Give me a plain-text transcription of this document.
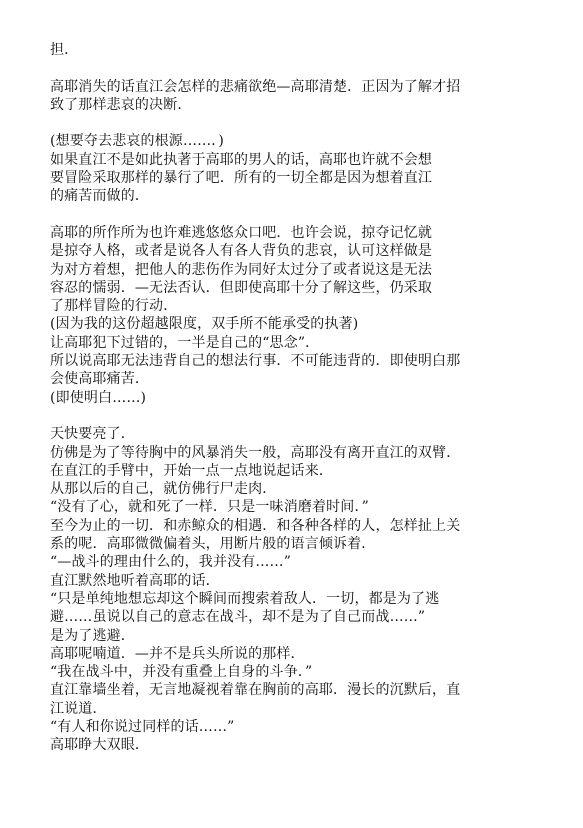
担．
高耶消失的话直江会怎样的悲痛欲绝—高耶清楚．正因为了解才招
致了那样悲哀的决断．
(想要夺去悲哀的根源……．)
如果直江不是如此执著于高耶的男人的话，高耶也许就不会想
要冒险采取那样的暴行了吧．所有的一切全都是因为想着直江
的痛苦而做的．
高耶的所作所为也许难逃悠悠众口吧．也许会说，掠夺记忆就
是掠夺人格，或者是说各人有各人背负的悲哀，认可这样做是
为对方着想，把他人的悲伤作为同好太过分了或者说这是无法
容忍的懦弱．—无法否认．但即使高耶十分了解这些，仍采取
了那样冒险的行动．
(因为我的这份超越限度，双手所不能承受的执著)
让高耶犯下过错的，一半是自己的“思念”．
所以说高耶无法违背自己的想法行事．不可能违背的．即使明白那
会使高耶痛苦．
(即使明白……)
天快要亮了．
仿佛是为了等待胸中的风暴消失一般，高耶没有离开直江的双臂．
在直江的手臂中，开始一点一点地说起话来．
从那以后的自己，就仿佛行尸走肉．
“没有了心，就和死了一样．只是一味消磨着时间．”
至今为止的一切．和赤鲸众的相遇．和各种各样的人，怎样扯上关
系的呢．高耶微微偏着头，用断片般的语言倾诉着．
“—战斗的理由什么的，我并没有……”
直江默然地听着高耶的话．
“只是单纯地想忘却这个瞬间而搜索着敌人．一切，都是为了逃
避……虽说以自己的意志在战斗，却不是为了自己而战……”
是为了逃避．
高耶呢喃道．—并不是兵头所说的那样．
“我在战斗中，并没有重叠上自身的斗争．”
直江靠墙坐着，无言地凝视着靠在胸前的高耶．漫长的沉默后，直
江说道．
“有人和你说过同样的话……”
高耶睁大双眼．
